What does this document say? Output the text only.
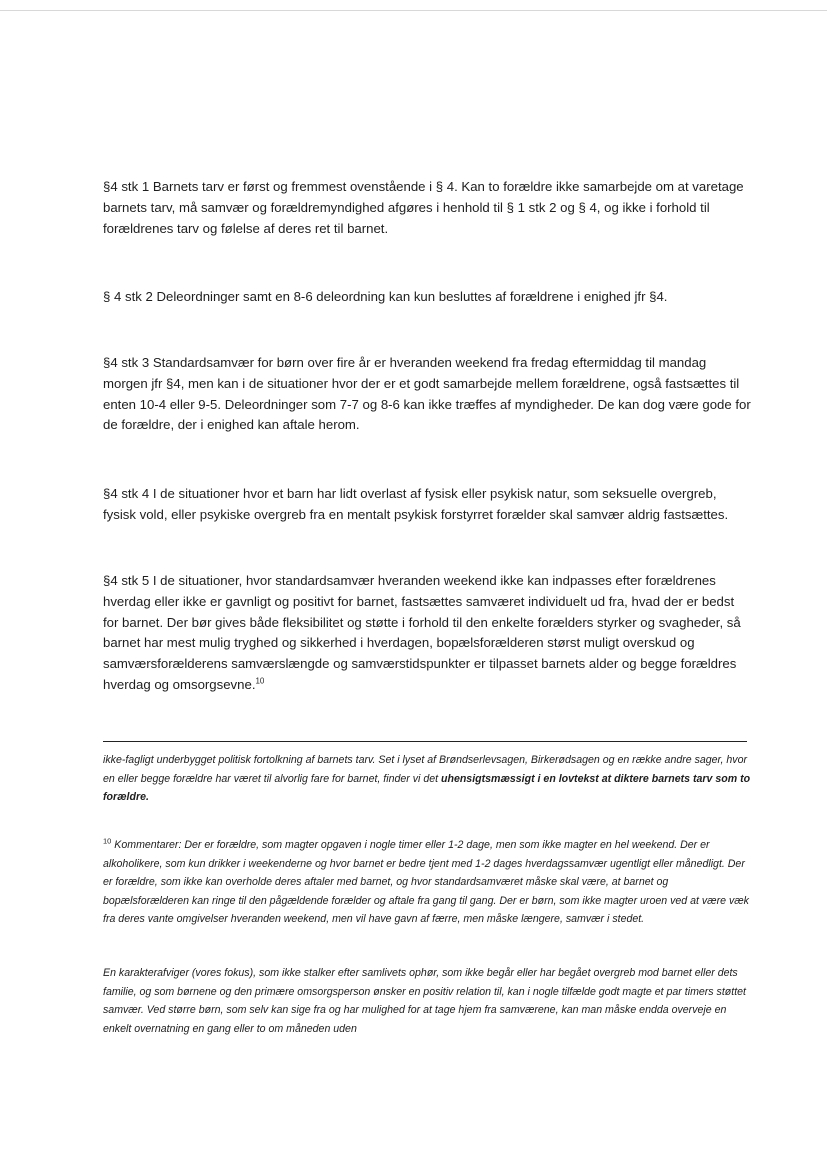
§4 stk 1 Barnets tarv er først og fremmest ovenstående i § 4. Kan to forældre ikke samarbejde om at varetage barnets tarv, må samvær og forældremyndighed afgøres i henhold til § 1 stk 2 og § 4, og ikke i forhold til forældrenes tarv og følelse af deres ret til barnet.

§ 4 stk 2 Deleordninger samt en 8-6 deleordning kan kun besluttes af forældrene i enighed jfr §4.

§4 stk 3 Standardsamvær for børn over fire år er hveranden weekend fra fredag eftermiddag til mandag morgen jfr §4, men kan i de situationer hvor der er et godt samarbejde mellem forældrene, også fastsættes til enten 10-4 eller 9-5. Deleordninger som 7-7 og 8-6 kan ikke træffes af myndigheder. De kan dog være gode for de forældre, der i enighed kan aftale herom.

§4 stk 4 I de situationer hvor et barn har lidt overlast af fysisk eller psykisk natur, som seksuelle overgreb, fysisk vold, eller psykiske overgreb fra en mentalt psykisk forstyrret forælder skal samvær aldrig fastsættes.

§4 stk 5 I de situationer, hvor standardsamvær hveranden weekend ikke kan indpasses efter forældrenes hverdag eller ikke er gavnligt og positivt for barnet, fastsættes samværet individuelt ud fra, hvad der er bedst for barnet. Der bør gives både fleksibilitet og støtte i forhold til den enkelte forælders styrker og svagheder, så barnet har mest mulig tryghed og sikkerhed i hverdagen, bopælsforælderen størst muligt overskud og samværsforælderens samværslængde og samværstidspunkter er tilpasset barnets alder og begge forældres hverdag og omsorgsevne.$^{10}$

ikke-fagligt underbygget politisk fortolkning af barnets tarv. Set i lyset af Brøndserlevsagen, Birkerødsagen og en række andre sager, hvor en eller begge forældre har været til alvorlig fare for barnet, finder vi det uhensigtsmæssigt i en lovtekst at diktere barnets tarv som to forældre.

$^{10}$ Kommentarer: Der er forældre, som magter opgaven i nogle timer eller 1-2 dage, men som ikke magter en hel weekend. Der er alkoholikere, som kun drikker i weekenderne og hvor barnet er bedre tjent med 1-2 dages hverdagssamvær ugentligt eller månedligt. Der er forældre, som ikke kan overholde deres aftaler med barnet, og hvor standardsamværet måske skal være, at barnet og bopælsforælderen kan ringe til den pågældende forælder og aftale fra gang til gang. Der er børn, som ikke magter uroen ved at være væk fra deres vante omgivelser hveranden weekend, men vil have gavn af færre, men måske længere, samvær i stedet.

En karakterafviger (vores fokus), som ikke stalker efter samlivets ophør, som ikke begår eller har begået overgreb mod barnet eller dets familie, og som børnene og den primære omsorgsperson ønsker en positiv relation til, kan i nogle tilfælde godt magte et par timers støttet samvær. Ved større børn, som selv kan sige fra og har mulighed for at tage hjem fra samværene, kan man måske endda overveje en enkelt overnatning en gang eller to om måneden uden
